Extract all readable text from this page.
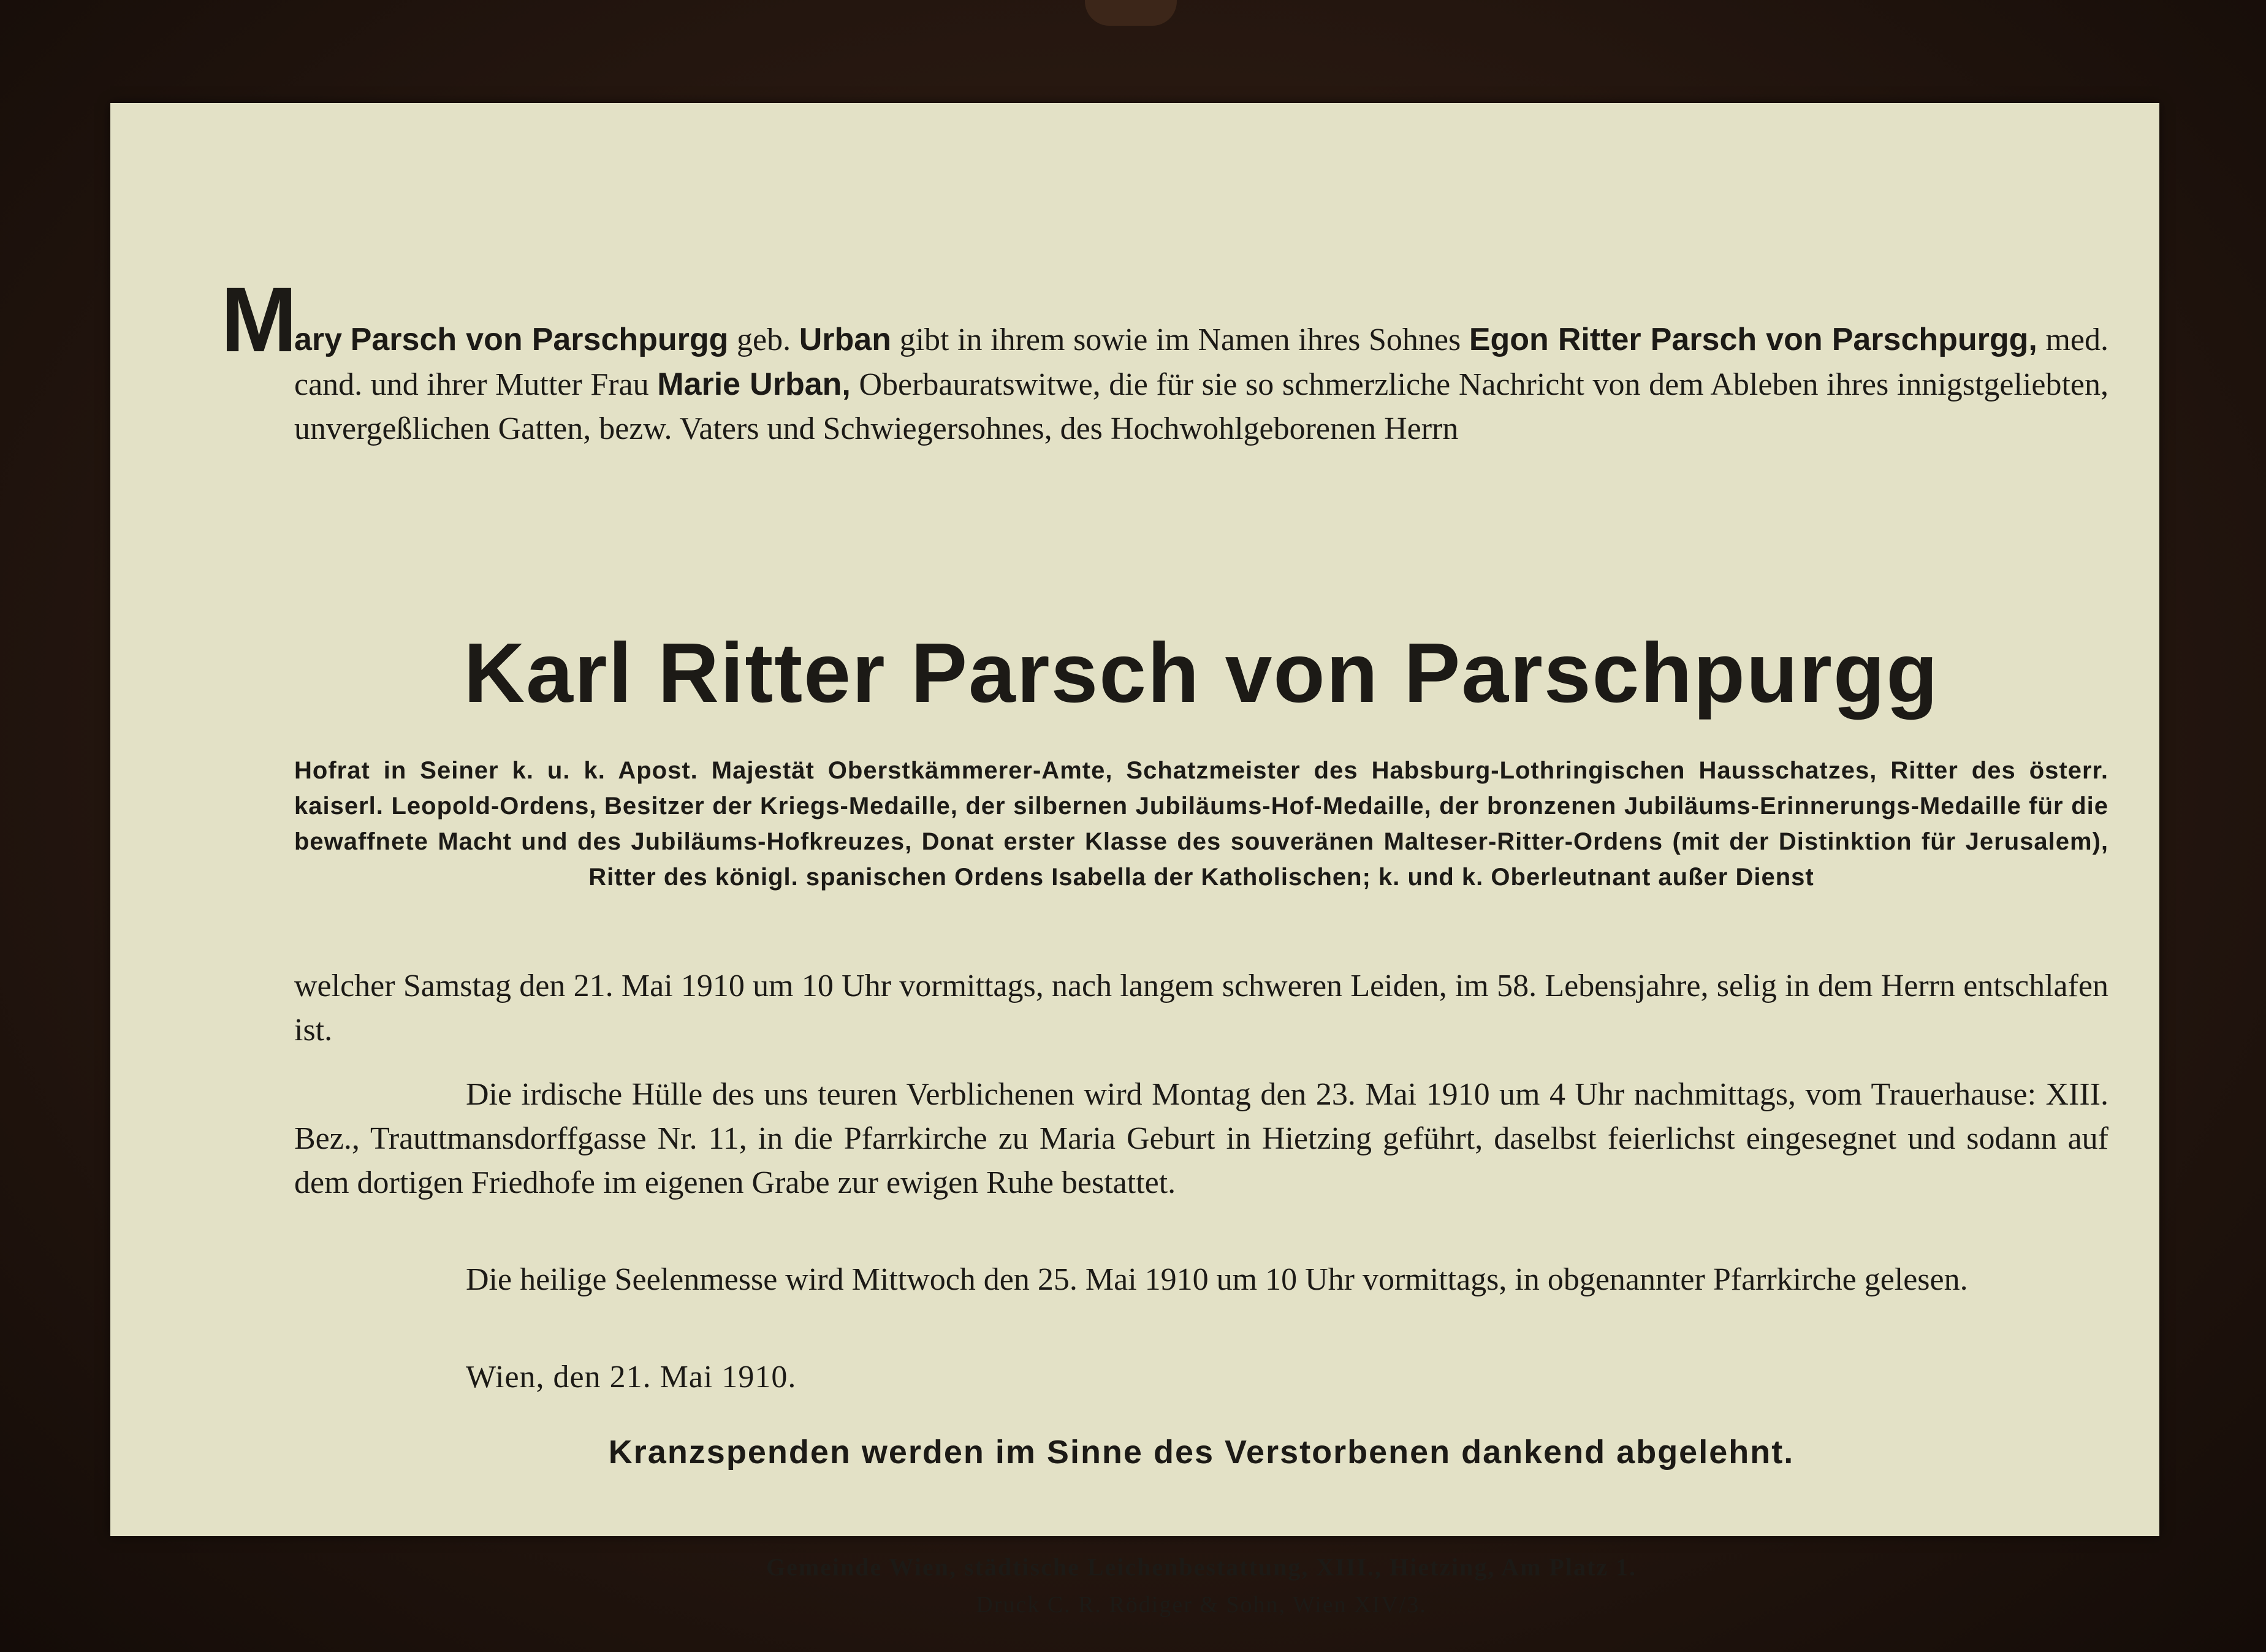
M ary Parsch von Parschpurgg geb. Urban gibt in ihrem sowie im Namen ihres Sohnes Egon Ritter Parsch von Parschpurgg, med. cand. und ihrer Mutter Frau Marie Urban, Oberbauratswitwe, die für sie so schmerzliche Nachricht von dem Ableben ihres innigstgeliebten, unvergeßlichen Gatten, bezw. Vaters und Schwiegersohnes, des Hochwohlgeborenen Herrn
Karl Ritter Parsch von Parschpurgg
Hofrat in Seiner k. u. k. Apost. Majestät Oberstkämmerer-Amte, Schatzmeister des Habsburg-Lothringischen Hausschatzes, Ritter des österr. kaiserl. Leopold-Ordens, Besitzer der Kriegs-Medaille, der silbernen Jubiläums-Hof-Medaille, der bronzenen Jubiläums-Erinnerungs-Medaille für die bewaffnete Macht und des Jubiläums-Hofkreuzes, Donat erster Klasse des souveränen Malteser-Ritter-Ordens (mit der Distinktion für Jerusalem), Ritter des königl. spanischen Ordens Isabella der Katholischen; k. und k. Oberleutnant außer Dienst
welcher Samstag den 21. Mai 1910 um 10 Uhr vormittags, nach langem schweren Leiden, im 58. Lebensjahre, selig in dem Herrn entschlafen ist.
Die irdische Hülle des uns teuren Verblichenen wird Montag den 23. Mai 1910 um 4 Uhr nachmittags, vom Trauerhause: XIII. Bez., Trauttmansdorffgasse Nr. 11, in die Pfarrkirche zu Maria Geburt in Hietzing geführt, daselbst feierlichst eingesegnet und sodann auf dem dortigen Friedhofe im eigenen Grabe zur ewigen Ruhe bestattet.
Die heilige Seelenmesse wird Mittwoch den 25. Mai 1910 um 10 Uhr vormittags, in obgenannter Pfarrkirche gelesen.
Wien, den 21. Mai 1910.
Kranzspenden werden im Sinne des Verstorbenen dankend abgelehnt.
Gemeinde Wien, städtische Leichenbestattung, XIII., Hietzing, Am Platz 1.
Druck C. R. Rödiger & Sohn, Wien XIV/3.
